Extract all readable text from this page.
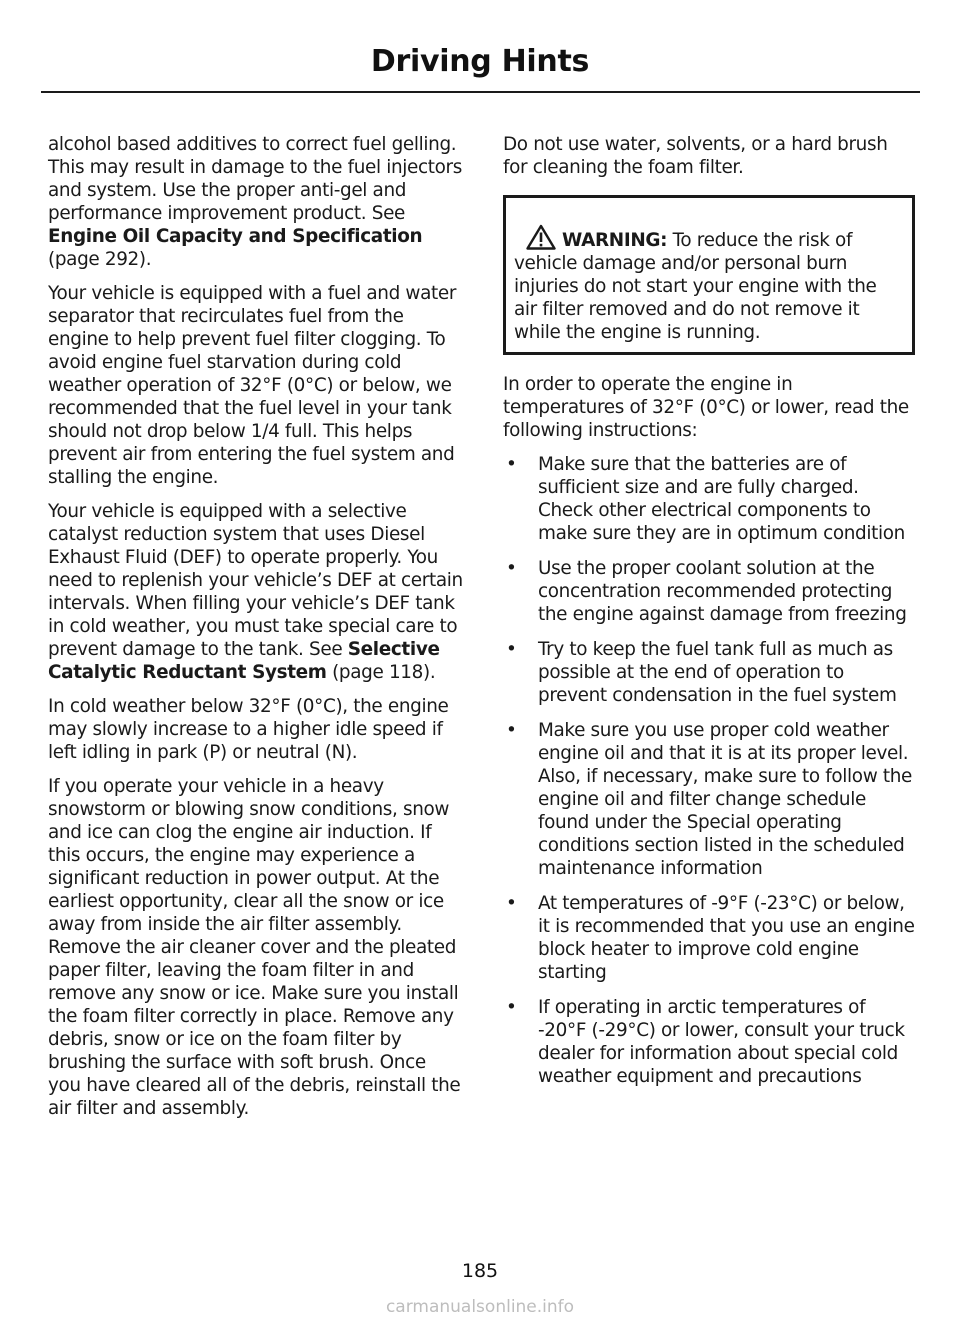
Driving Hints

alcohol based additives to correct fuel gelling. This may result in damage to the fuel injectors and system. Use the proper anti-gel and performance improvement product. See Engine Oil Capacity and Specification (page 292).

Your vehicle is equipped with a fuel and water separator that recirculates fuel from the engine to help prevent fuel filter clogging. To avoid engine fuel starvation during cold weather operation of 32°F (0°C) or below, we recommended that the fuel level in your tank should not drop below 1/4 full. This helps prevent air from entering the fuel system and stalling the engine.

Your vehicle is equipped with a selective catalyst reduction system that uses Diesel Exhaust Fluid (DEF) to operate properly. You need to replenish your vehicle’s DEF at certain intervals. When filling your vehicle’s DEF tank in cold weather, you must take special care to prevent damage to the tank. See Selective Catalytic Reductant System (page 118).

In cold weather below 32°F (0°C), the engine may slowly increase to a higher idle speed if left idling in park (P) or neutral (N).

If you operate your vehicle in a heavy snowstorm or blowing snow conditions, snow and ice can clog the engine air induction. If this occurs, the engine may experience a significant reduction in power output. At the earliest opportunity, clear all the snow or ice away from inside the air filter assembly. Remove the air cleaner cover and the pleated paper filter, leaving the foam filter in and remove any snow or ice. Make sure you install the foam filter correctly in place. Remove any debris, snow or ice on the foam filter by brushing the surface with soft brush. Once you have cleared all of the debris, reinstall the air filter and assembly.

Do not use water, solvents, or a hard brush for cleaning the foam filter.

WARNING: To reduce the risk of vehicle damage and/or personal burn injuries do not start your engine with the air filter removed and do not remove it while the engine is running.

In order to operate the engine in temperatures of 32°F (0°C) or lower, read the following instructions:

• Make sure that the batteries are of sufficient size and are fully charged. Check other electrical components to make sure they are in optimum condition
• Use the proper coolant solution at the concentration recommended protecting the engine against damage from freezing
• Try to keep the fuel tank full as much as possible at the end of operation to prevent condensation in the fuel system
• Make sure you use proper cold weather engine oil and that it is at its proper level. Also, if necessary, make sure to follow the engine oil and filter change schedule found under the Special operating conditions section listed in the scheduled maintenance information
• At temperatures of -9°F (-23°C) or below, it is recommended that you use an engine block heater to improve cold engine starting
• If operating in arctic temperatures of -20°F (-29°C) or lower, consult your truck dealer for information about special cold weather equipment and precautions
185
carmanualsonline.info
